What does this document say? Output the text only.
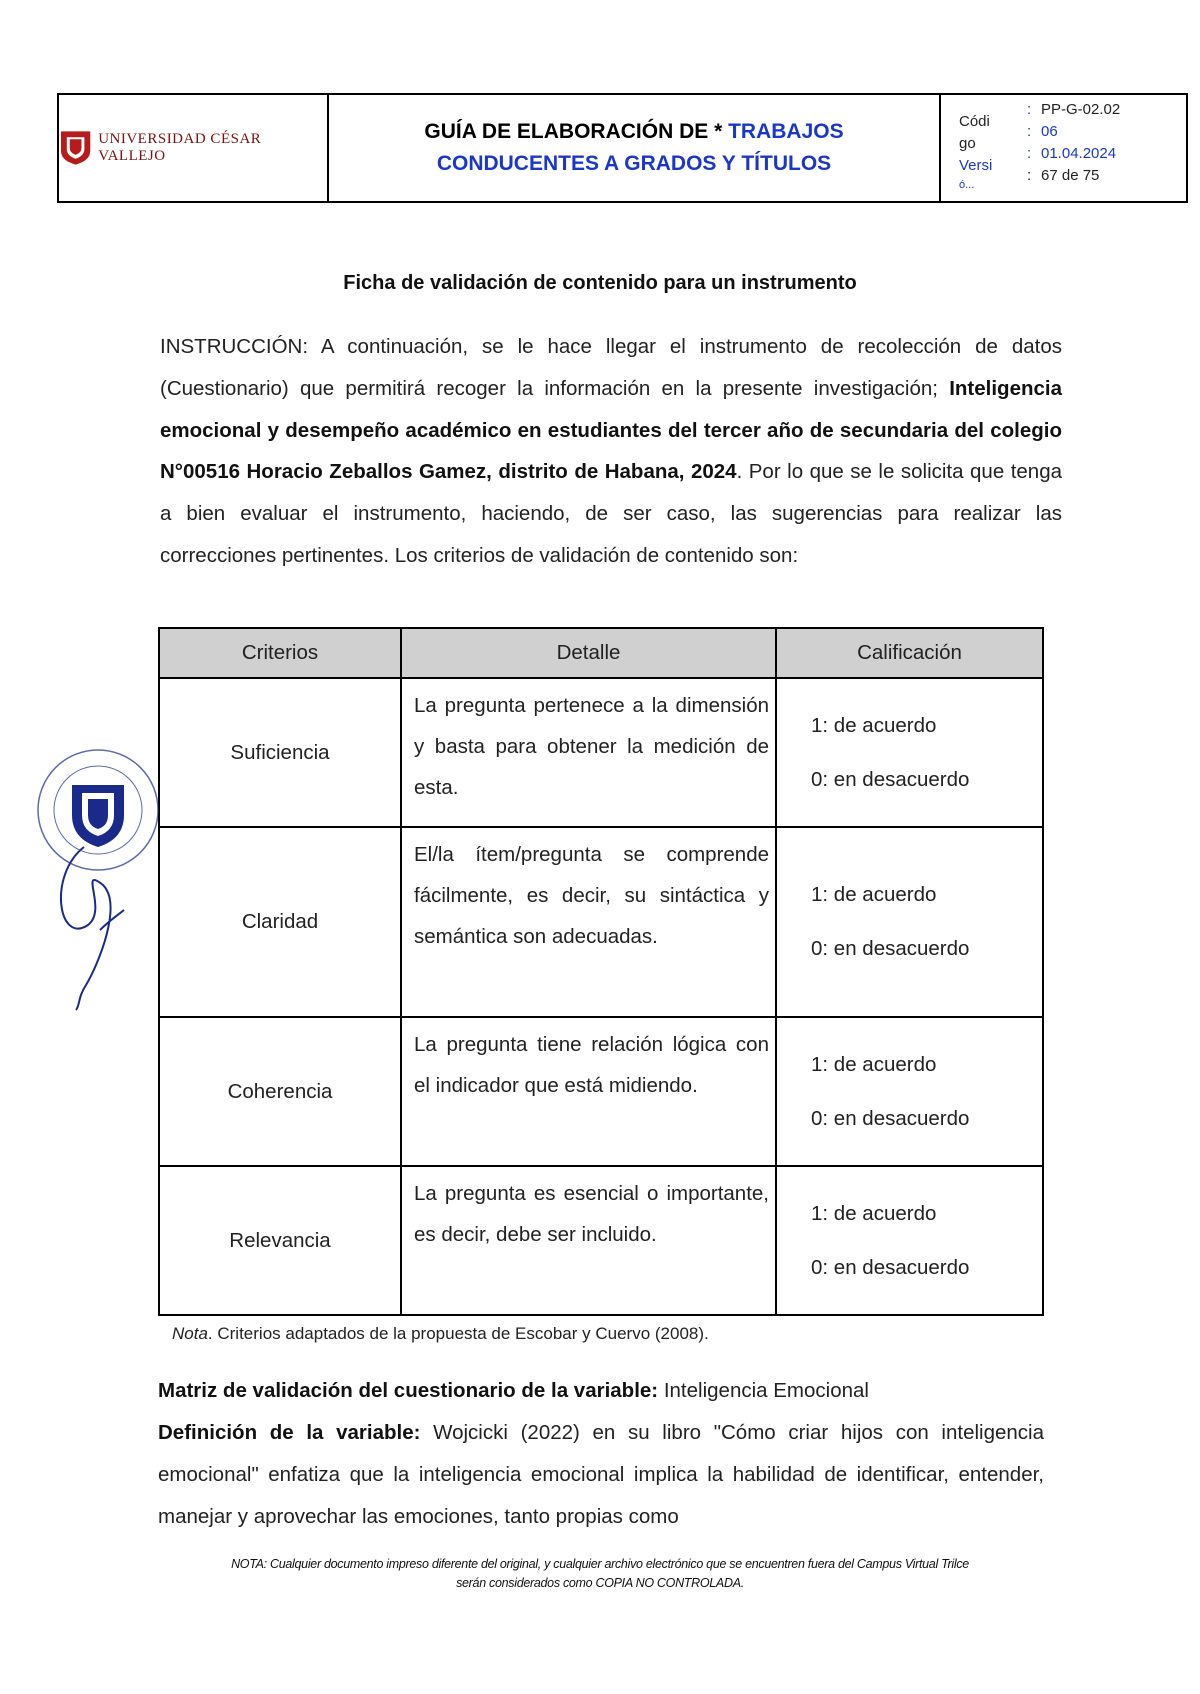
UNIVERSIDAD CÉSAR VALLEJO
GUÍA DE ELABORACIÓN DE * TRABAJOS
CONDUCENTES A GRADOS Y TÍTULOS
Códi
: PP-G-02.02
go
: 06
Versi
: 01.04.2024
ó...
: 67 de 75
Ficha de validación de contenido para un instrumento
INSTRUCCIÓN: A continuación, se le hace llegar el instrumento de recolección de datos (Cuestionario) que permitirá recoger la información en la presente investigación; Inteligencia emocional y desempeño académico en estudiantes del tercer año de secundaria del colegio N°00516 Horacio Zeballos Gamez, distrito de Habana, 2024. Por lo que se le solicita que tenga a bien evaluar el instrumento, haciendo, de ser caso, las sugerencias para realizar las correcciones pertinentes. Los criterios de validación de contenido son:
Criterios	Detalle	Calificación
Suficiencia	La pregunta pertenece a la dimensión y basta para obtener la medición de esta.	1: de acuerdo
0: en desacuerdo

Claridad	El/la ítem/pregunta se comprende fácilmente, es decir, su sintáctica y semántica son adecuadas.	1: de acuerdo
0: en desacuerdo

Coherencia	La pregunta tiene relación lógica con el indicador que está midiendo.	1: de acuerdo
0: en desacuerdo

Relevancia	La pregunta es esencial o importante, es decir, debe ser incluido.	1: de acuerdo
0: en desacuerdo
Nota. Criterios adaptados de la propuesta de Escobar y Cuervo (2008).
Matriz de validación del cuestionario de la variable: Inteligencia Emocional
Definición de la variable: Wojcicki (2022) en su libro "Cómo criar hijos con inteligencia emocional" enfatiza que la inteligencia emocional implica la habilidad de identificar, entender, manejar y aprovechar las emociones, tanto propias como
NOTA: Cualquier documento impreso diferente del original, y cualquier archivo electrónico que se encuentren fuera del Campus Virtual Trilce
serán considerados como COPIA NO CONTROLADA.
